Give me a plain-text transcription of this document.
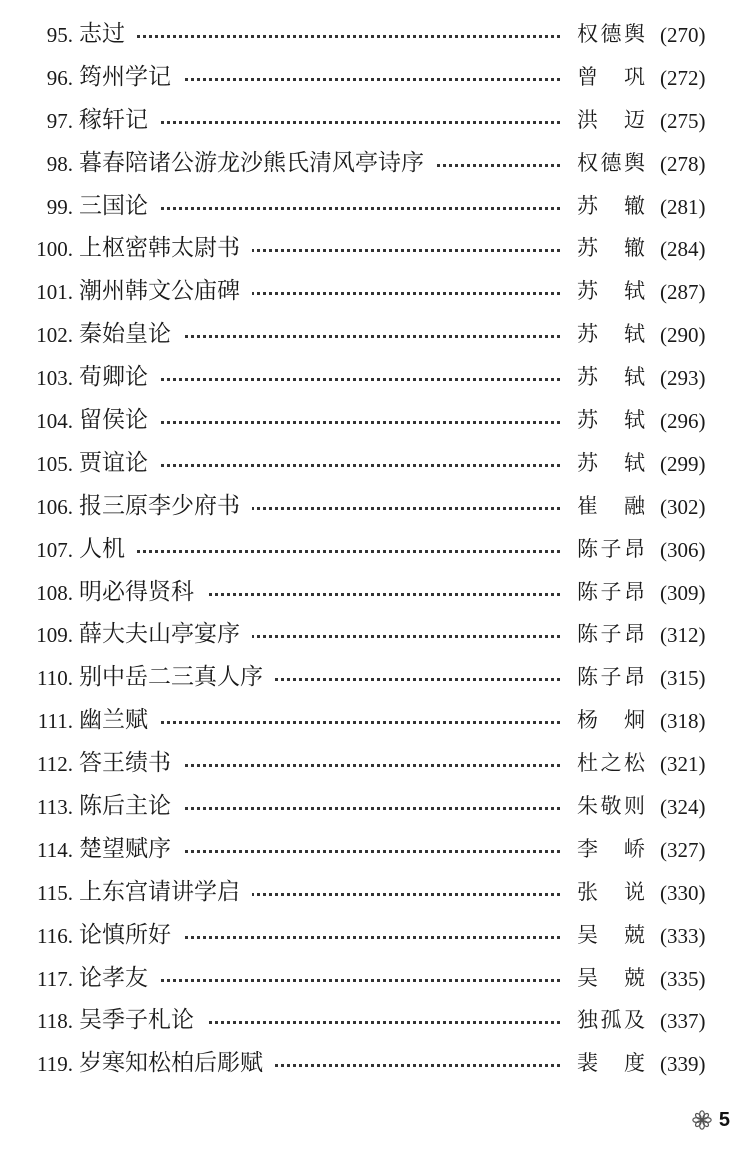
95. 志过	权德舆 (270)
96. 筠州学记	曾巩 (272)
97. 稼轩记	洪迈 (275)
98. 暮春陪诸公游龙沙熊氏清风亭诗序	权德舆 (278)
99. 三国论	苏辙 (281)
100. 上枢密韩太尉书	苏辙 (284)
101. 潮州韩文公庙碑	苏轼 (287)
102. 秦始皇论	苏轼 (290)
103. 荀卿论	苏轼 (293)
104. 留侯论	苏轼 (296)
105. 贾谊论	苏轼 (299)
106. 报三原李少府书	崔融 (302)
107. 人机	陈子昂 (306)
108. 明必得贤科	陈子昂 (309)
109. 薛大夫山亭宴序	陈子昂 (312)
110. 别中岳二三真人序	陈子昂 (315)
111. 幽兰赋	杨炯 (318)
112. 答王绩书	杜之松 (321)
113. 陈后主论	朱敬则 (324)
114. 楚望赋序	李峤 (327)
115. 上东宫请讲学启	张说 (330)
116. 论慎所好	吴兢 (333)
117. 论孝友	吴兢 (335)
118. 吴季子札论	独孤及 (337)
119. 岁寒知松柏后彫赋	裴度 (339)
5
